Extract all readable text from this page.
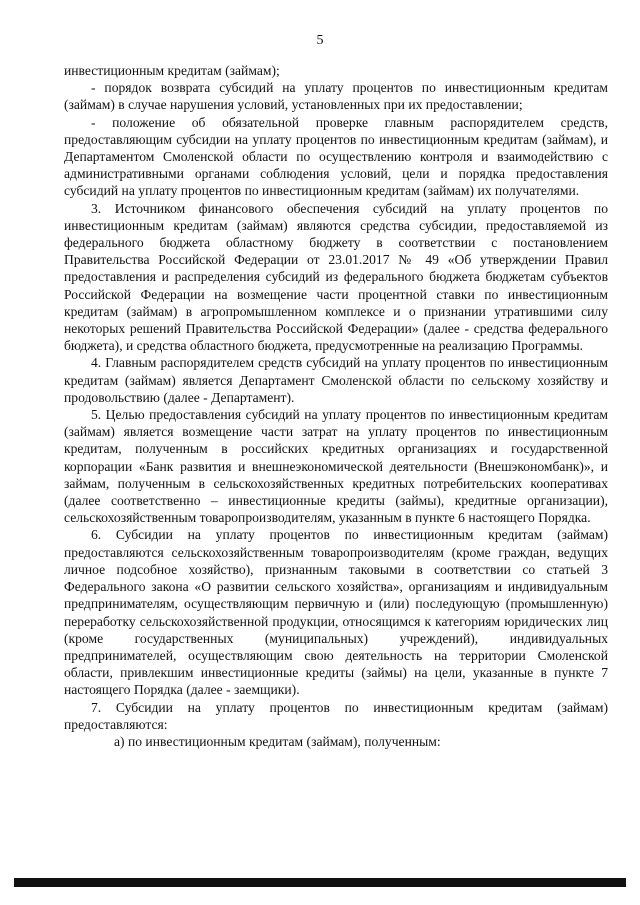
5

инвестиционным кредитам (займам);

- порядок возврата субсидий на уплату процентов по инвестиционным кредитам (займам) в случае нарушения условий, установленных при их предоставлении;

- положение об обязательной проверке главным распорядителем средств, предоставляющим субсидии на уплату процентов по инвестиционным кредитам (займам), и Департаментом Смоленской области по осуществлению контроля и взаимодействию с административными органами соблюдения условий, цели и порядка предоставления субсидий на уплату процентов по инвестиционным кредитам (займам) их получателями.

3. Источником финансового обеспечения субсидий на уплату процентов по инвестиционным кредитам (займам) являются средства субсидии, предоставляемой из федерального бюджета областному бюджету в соответствии с постановлением Правительства Российской Федерации от 23.01.2017 № 49 «Об утверждении Правил предоставления и распределения субсидий из федерального бюджета бюджетам субъектов Российской Федерации на возмещение части процентной ставки по инвестиционным кредитам (займам) в агропромышленном комплексе и о признании утратившими силу некоторых решений Правительства Российской Федерации» (далее - средства федерального бюджета), и средства областного бюджета, предусмотренные на реализацию Программы.

4. Главным распорядителем средств субсидий на уплату процентов по инвестиционным кредитам (займам) является Департамент Смоленской области по сельскому хозяйству и продовольствию (далее - Департамент).

5. Целью предоставления субсидий на уплату процентов по инвестиционным кредитам (займам) является возмещение части затрат на уплату процентов по инвестиционным кредитам, полученным в российских кредитных организациях и государственной корпорации «Банк развития и внешнеэкономической деятельности (Внешэкономбанк)», и займам, полученным в сельскохозяйственных кредитных потребительских кооперативах (далее соответственно – инвестиционные кредиты (займы), кредитные организации), сельскохозяйственным товаропроизводителям, указанным в пункте 6 настоящего Порядка.

6. Субсидии на уплату процентов по инвестиционным кредитам (займам) предоставляются сельскохозяйственным товаропроизводителям (кроме граждан, ведущих личное подсобное хозяйство), признанным таковыми в соответствии со статьей 3 Федерального закона «О развитии сельского хозяйства», организациям и индивидуальным предпринимателям, осуществляющим первичную и (или) последующую (промышленную) переработку сельскохозяйственной продукции, относящимся к категориям юридических лиц (кроме государственных (муниципальных) учреждений), индивидуальных предпринимателей, осуществляющим свою деятельность на территории Смоленской области, привлекшим инвестиционные кредиты (займы) на цели, указанные в пункте 7 настоящего Порядка (далее - заемщики).

7. Субсидии на уплату процентов по инвестиционным кредитам (займам) предоставляются:

а) по инвестиционным кредитам (займам), полученным:
